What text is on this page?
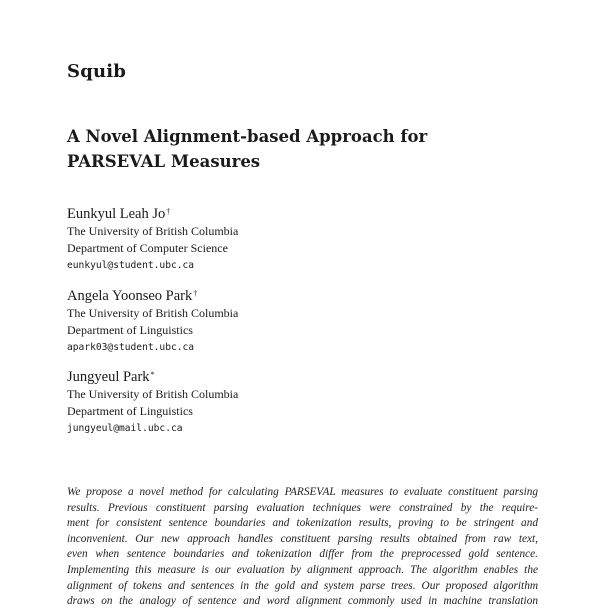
Squib
A Novel Alignment-based Approach for
PARSEVAL Measures
Eunkyul Leah Jo†
The University of British Columbia
Department of Computer Science
eunkyul@student.ubc.ca
Angela Yoonseo Park†
The University of British Columbia
Department of Linguistics
apark03@student.ubc.ca
Jungyeul Park*
The University of British Columbia
Department of Linguistics
jungyeul@mail.ubc.ca
We propose a novel method for calculating PARSEVAL measures to evaluate constituent parsing
results. Previous constituent parsing evaluation techniques were constrained by the require-
ment for consistent sentence boundaries and tokenization results, proving to be stringent and
inconvenient. Our new approach handles constituent parsing results obtained from raw text,
even when sentence boundaries and tokenization differ from the preprocessed gold sentence.
Implementing this measure is our evaluation by alignment approach. The algorithm enables the
alignment of tokens and sentences in the gold and system parse trees. Our proposed algorithm
draws on the analogy of sentence and word alignment commonly used in machine translation
